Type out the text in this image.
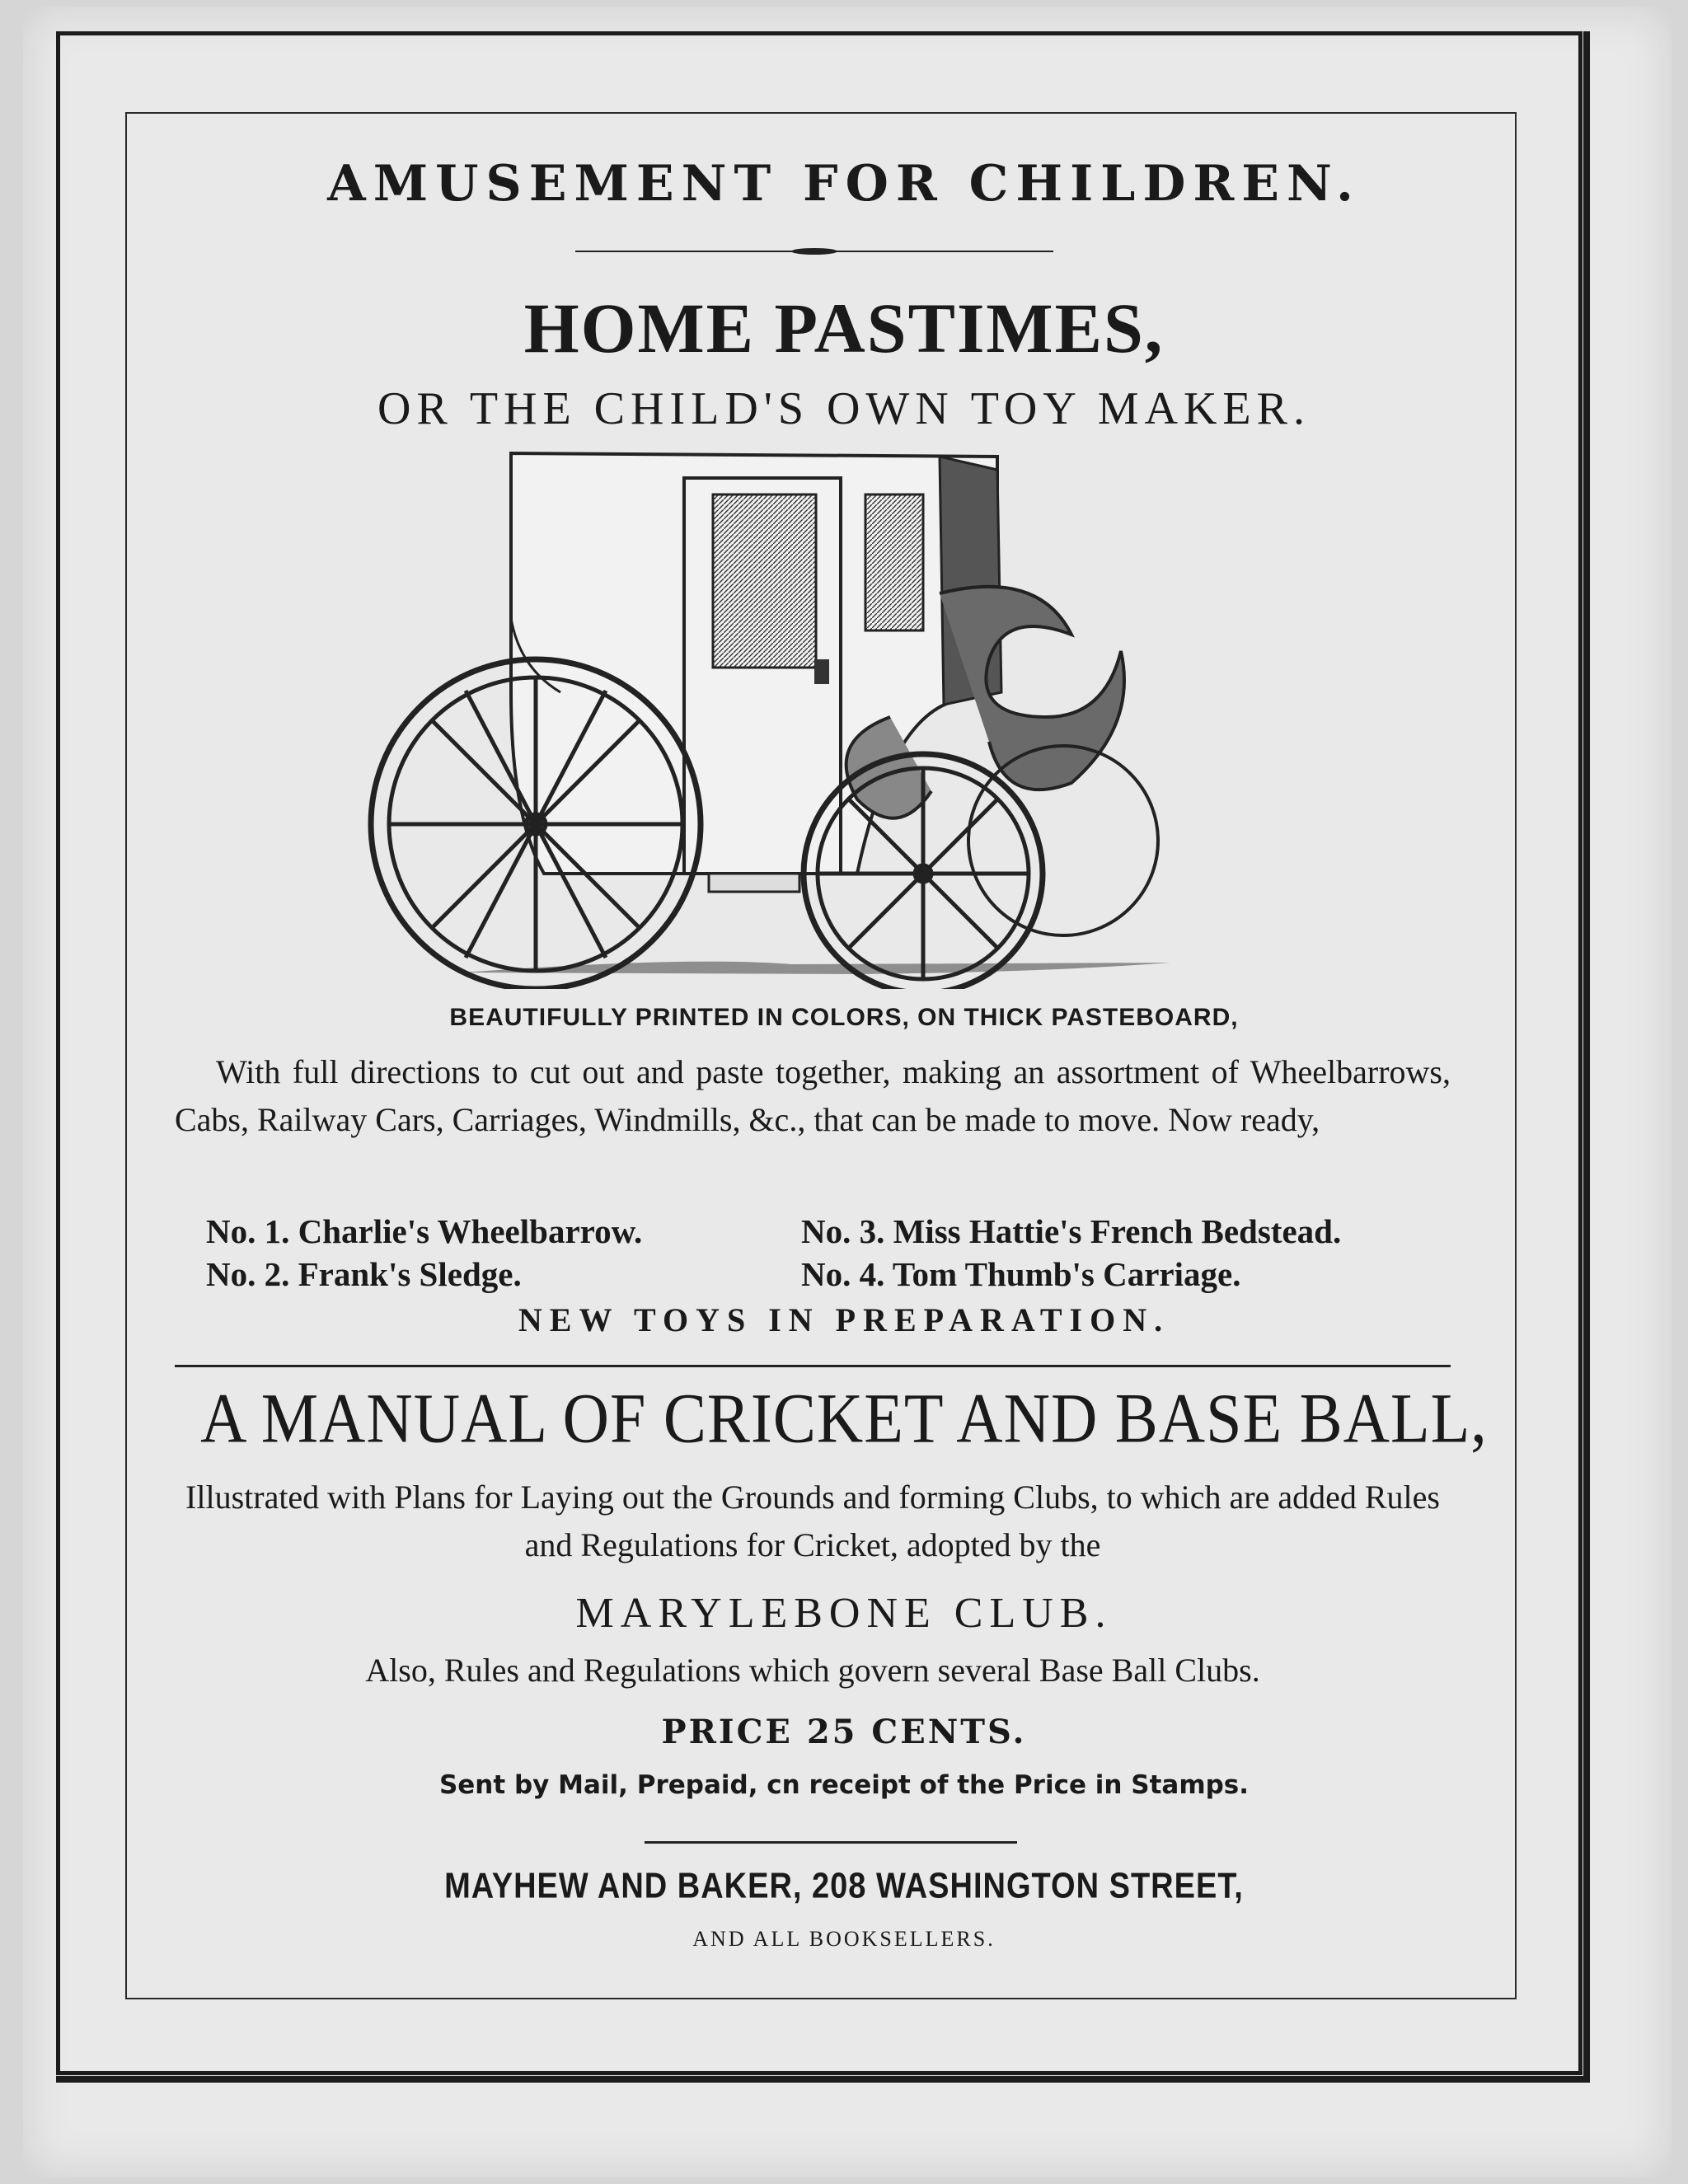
AMUSEMENT FOR CHILDREN.
HOME PASTIMES,
OR THE CHILD'S OWN TOY MAKER.
BEAUTIFULLY PRINTED IN COLORS, ON THICK PASTEBOARD,
With full directions to cut out and paste together, making an assortment of Wheelbarrows, Cabs, Railway Cars, Carriages, Windmills, &c., that can be made to move. Now ready,
No. 1. Charlie's Wheelbarrow.
No. 2. Frank's Sledge.
No. 3. Miss Hattie's French Bedstead.
No. 4. Tom Thumb's Carriage.
NEW TOYS IN PREPARATION.
A MANUAL OF CRICKET AND BASE BALL,
Illustrated with Plans for Laying out the Grounds and forming Clubs, to which are added Rules and Regulations for Cricket, adopted by the
MARYLEBONE CLUB.
Also, Rules and Regulations which govern several Base Ball Clubs.
PRICE 25 CENTS.
Sent by Mail, Prepaid, cn receipt of the Price in Stamps.
MAYHEW AND BAKER, 208 WASHINGTON STREET,
AND ALL BOOKSELLERS.
